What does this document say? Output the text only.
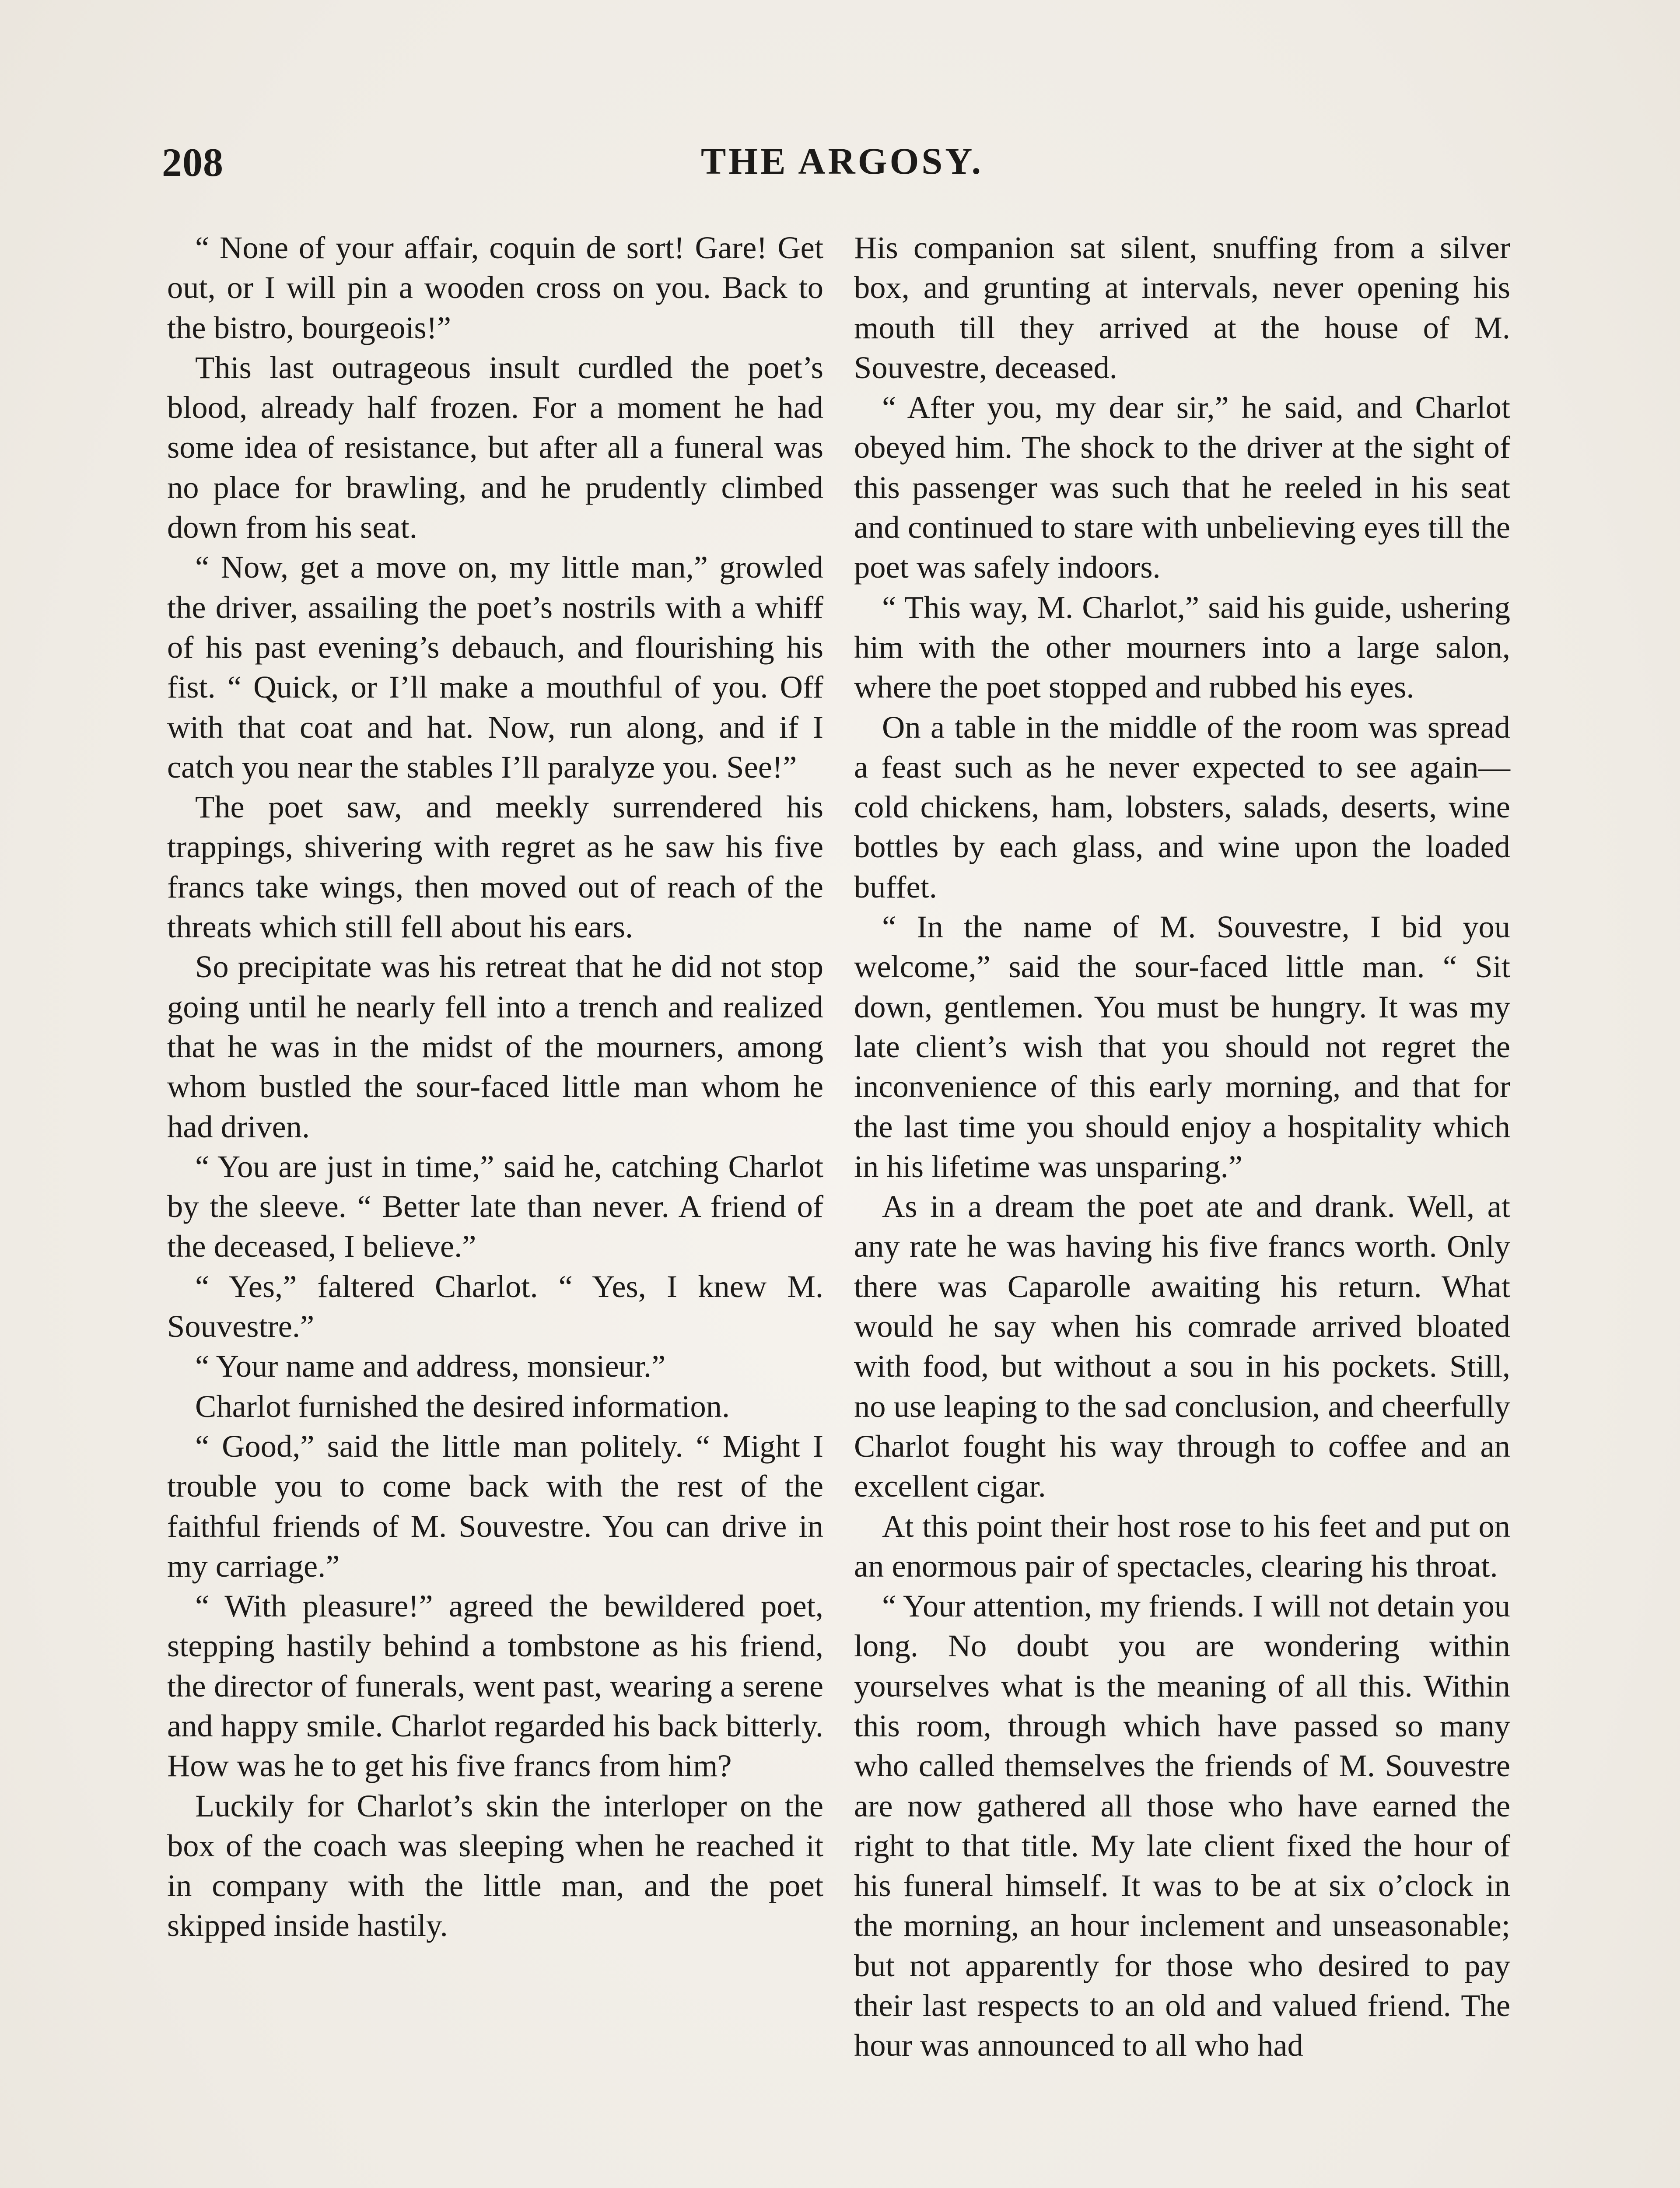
208	THE ARGOSY.

“ None of your affair, coquin de sort! Gare! Get out, or I will pin a wooden cross on you. Back to the bistro, bourgeois!”

This last outrageous insult curdled the poet’s blood, already half frozen. For a moment he had some idea of resistance, but after all a funeral was no place for brawling, and he prudently climbed down from his seat.

“ Now, get a move on, my little man,” growled the driver, assailing the poet’s nostrils with a whiff of his past evening’s debauch, and flourishing his fist. “ Quick, or I’ll make a mouthful of you. Off with that coat and hat. Now, run along, and if I catch you near the stables I’ll paralyze you. See!”

The poet saw, and meekly surrendered his trappings, shivering with regret as he saw his five francs take wings, then moved out of reach of the threats which still fell about his ears.

So precipitate was his retreat that he did not stop going until he nearly fell into a trench and realized that he was in the midst of the mourners, among whom bustled the sour-faced little man whom he had driven.

“ You are just in time,” said he, catching Charlot by the sleeve. “ Better late than never. A friend of the deceased, I believe.”

“ Yes,” faltered Charlot. “ Yes, I knew M. Souvestre.”

“ Your name and address, monsieur.”

Charlot furnished the desired information.

“ Good,” said the little man politely. “ Might I trouble you to come back with the rest of the faithful friends of M. Souvestre. You can drive in my carriage.”

“ With pleasure!” agreed the bewildered poet, stepping hastily behind a tombstone as his friend, the director of funerals, went past, wearing a serene and happy smile. Charlot regarded his back bitterly. How was he to get his five francs from him?

Luckily for Charlot’s skin the interloper on the box of the coach was sleeping when he reached it in company with the little man, and the poet skipped inside hastily.

His companion sat silent, snuffing from a silver box, and grunting at intervals, never opening his mouth till they arrived at the house of M. Souvestre, deceased.

“ After you, my dear sir,” he said, and Charlot obeyed him. The shock to the driver at the sight of this passenger was such that he reeled in his seat and continued to stare with unbelieving eyes till the poet was safely indoors.

“ This way, M. Charlot,” said his guide, ushering him with the other mourners into a large salon, where the poet stopped and rubbed his eyes.

On a table in the middle of the room was spread a feast such as he never expected to see again—cold chickens, ham, lobsters, salads, deserts, wine bottles by each glass, and wine upon the loaded buffet.

“ In the name of M. Souvestre, I bid you welcome,” said the sour-faced little man. “ Sit down, gentlemen. You must be hungry. It was my late client’s wish that you should not regret the inconvenience of this early morning, and that for the last time you should enjoy a hospitality which in his lifetime was unsparing.”

As in a dream the poet ate and drank. Well, at any rate he was having his five francs worth. Only there was Caparolle awaiting his return. What would he say when his comrade arrived bloated with food, but without a sou in his pockets. Still, no use leaping to the sad conclusion, and cheerfully Charlot fought his way through to coffee and an excellent cigar.

At this point their host rose to his feet and put on an enormous pair of spectacles, clearing his throat.

“ Your attention, my friends. I will not detain you long. No doubt you are wondering within yourselves what is the meaning of all this. Within this room, through which have passed so many who called themselves the friends of M. Souvestre are now gathered all those who have earned the right to that title. My late client fixed the hour of his funeral himself. It was to be at six o’clock in the morning, an hour inclement and unseasonable; but not apparently for those who desired to pay their last respects to an old and valued friend. The hour was announced to all who had
